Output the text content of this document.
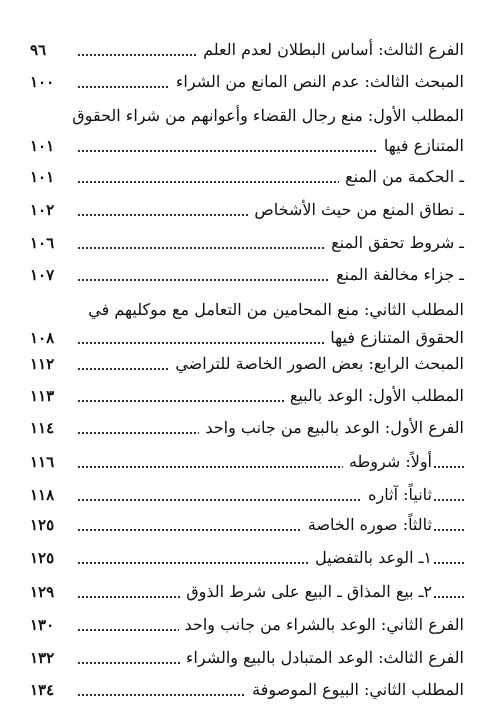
الفرع الثالث: أساس البطلان لعدم العلم
٩٦
المبحث الثالث: عدم النص المانع من الشراء
١٠٠
المطلب الأول: منع رجال القضاء وأعوانهم من شراء الحقوق
المتنازع فيها
١٠١
ـ الحكمة من المنع
١٠١
ـ نطاق المنع من حيث الأشخاص
١٠٢
ـ شروط تحقق المنع
١٠٦
ـ جزاء مخالفة المنع
١٠٧
المطلب الثاني: منع المحامين من التعامل مع موكليهم في
الحقوق المتنازع فيها
١٠٨
المبحث الرابع: بعض الصور الخاصة للتراضي
١١٢
المطلب الأول: الوعد بالبيع
١١٣
الفرع الأول: الوعد بالبيع من جانب واحد
١١٤
أولاً: شروطه
١١٦
ثانياً: آثاره
١١٨
ثالثاً: صوره الخاصة
١٢٥
١ـ الوعد بالتفضيل
١٢٥
٢ـ بيع المذاق ـ البيع على شرط الذوق
١٢٩
الفرع الثاني: الوعد بالشراء من جانب واحد
١٣٠
الفرع الثالث: الوعد المتبادل بالبيع والشراء
١٣٢
المطلب الثاني: البيوع الموصوفة
١٣٤
